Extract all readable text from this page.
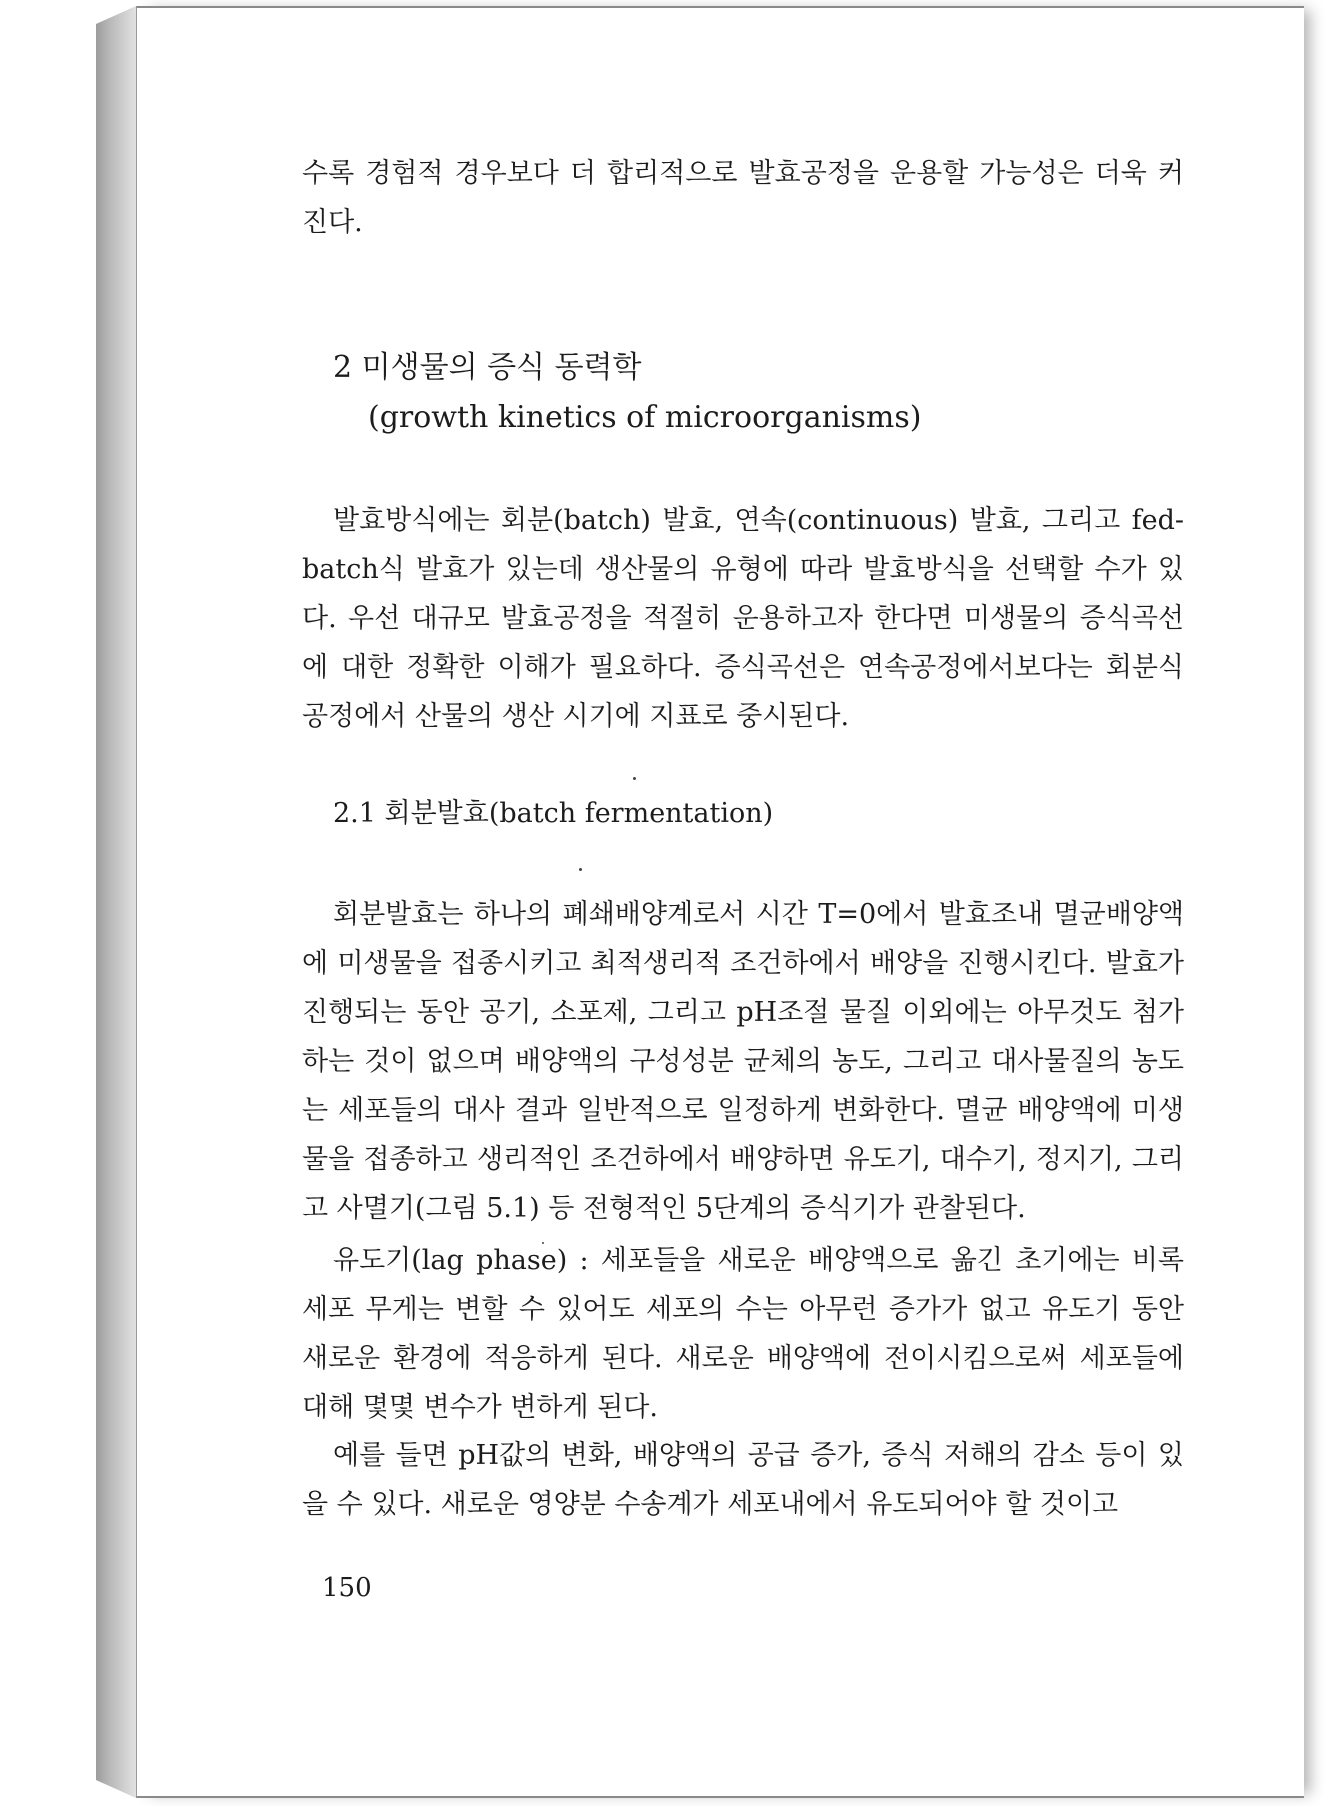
수록 경험적 경우보다 더 합리적으로 발효공정을 운용할 가능성은 더욱 커진다.
2 미생물의 증식 동력학
(growth kinetics of microorganisms)
발효방식에는 회분(batch) 발효, 연속(continuous) 발효, 그리고 fed-batch식 발효가 있는데 생산물의 유형에 따라 발효방식을 선택할 수가 있다. 우선 대규모 발효공정을 적절히 운용하고자 한다면 미생물의 증식곡선에 대한 정확한 이해가 필요하다. 증식곡선은 연속공정에서보다는 회분식 공정에서 산물의 생산 시기에 지표로 중시된다.
2.1 회분발효(batch fermentation)
회분발효는 하나의 폐쇄배양계로서 시간 T=0에서 발효조내 멸균배양액에 미생물을 접종시키고 최적생리적 조건하에서 배양을 진행시킨다. 발효가 진행되는 동안 공기, 소포제, 그리고 pH조절 물질 이외에는 아무것도 첨가하는 것이 없으며 배양액의 구성성분 균체의 농도, 그리고 대사물질의 농도는 세포들의 대사 결과 일반적으로 일정하게 변화한다. 멸균 배양액에 미생물을 접종하고 생리적인 조건하에서 배양하면 유도기, 대수기, 정지기, 그리고 사멸기(그림 5.1) 등 전형적인 5단계의 증식기가 관찰된다.
유도기(lag phase) : 세포들을 새로운 배양액으로 옮긴 초기에는 비록 세포 무게는 변할 수 있어도 세포의 수는 아무런 증가가 없고 유도기 동안 새로운 환경에 적응하게 된다. 새로운 배양액에 전이시킴으로써 세포들에 대해 몇몇 변수가 변하게 된다.
예를 들면 pH값의 변화, 배양액의 공급 증가, 증식 저해의 감소 등이 있을 수 있다. 새로운 영양분 수송계가 세포내에서 유도되어야 할 것이고
150
